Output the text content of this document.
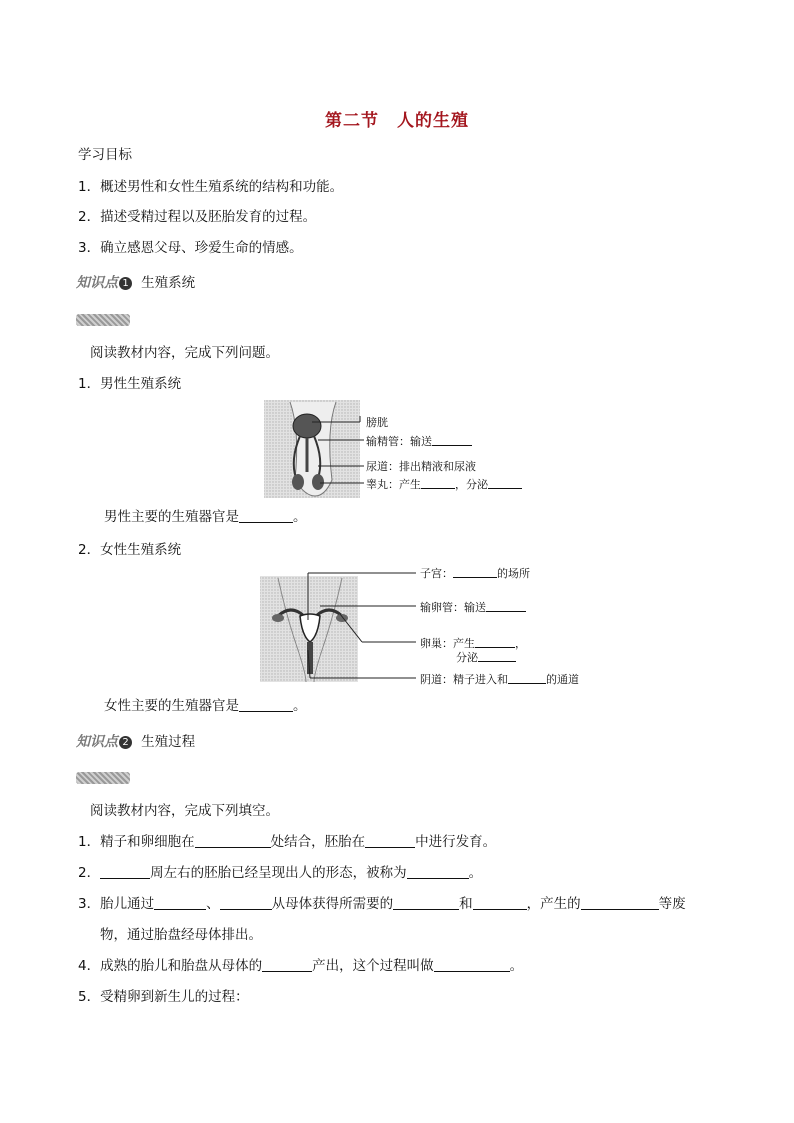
第二节　人的生殖
学习目标
1．概述男性和女性生殖系统的结构和功能。
2．描述受精过程以及胚胎发育的过程。
3．确立感恩父母、珍爱生命的情感。
知识点 1 生殖系统
阅读教材内容，完成下列问题。
1．男性生殖系统
膀胱
输精管：输送
尿道：排出精液和尿液
睾丸：产生	，分泌
男性主要的生殖器官是	。
2．女性生殖系统
子宫：	的场所
输卵管：输送
卵巢：产生	，
分泌
阴道：精子进入和	的通道
女性主要的生殖器官是	。
知识点 2 生殖过程
阅读教材内容，完成下列填空。
1．精子和卵细胞在	处结合，胚胎在	中进行发育。
2．	周左右的胚胎已经呈现出人的形态，被称为	。
3．胎儿通过	、	从母体获得所需要的	和	，产生的	等废
物，通过胎盘经母体排出。
4．成熟的胎儿和胎盘从母体的	产出，这个过程叫做	。
5．受精卵到新生儿的过程：
